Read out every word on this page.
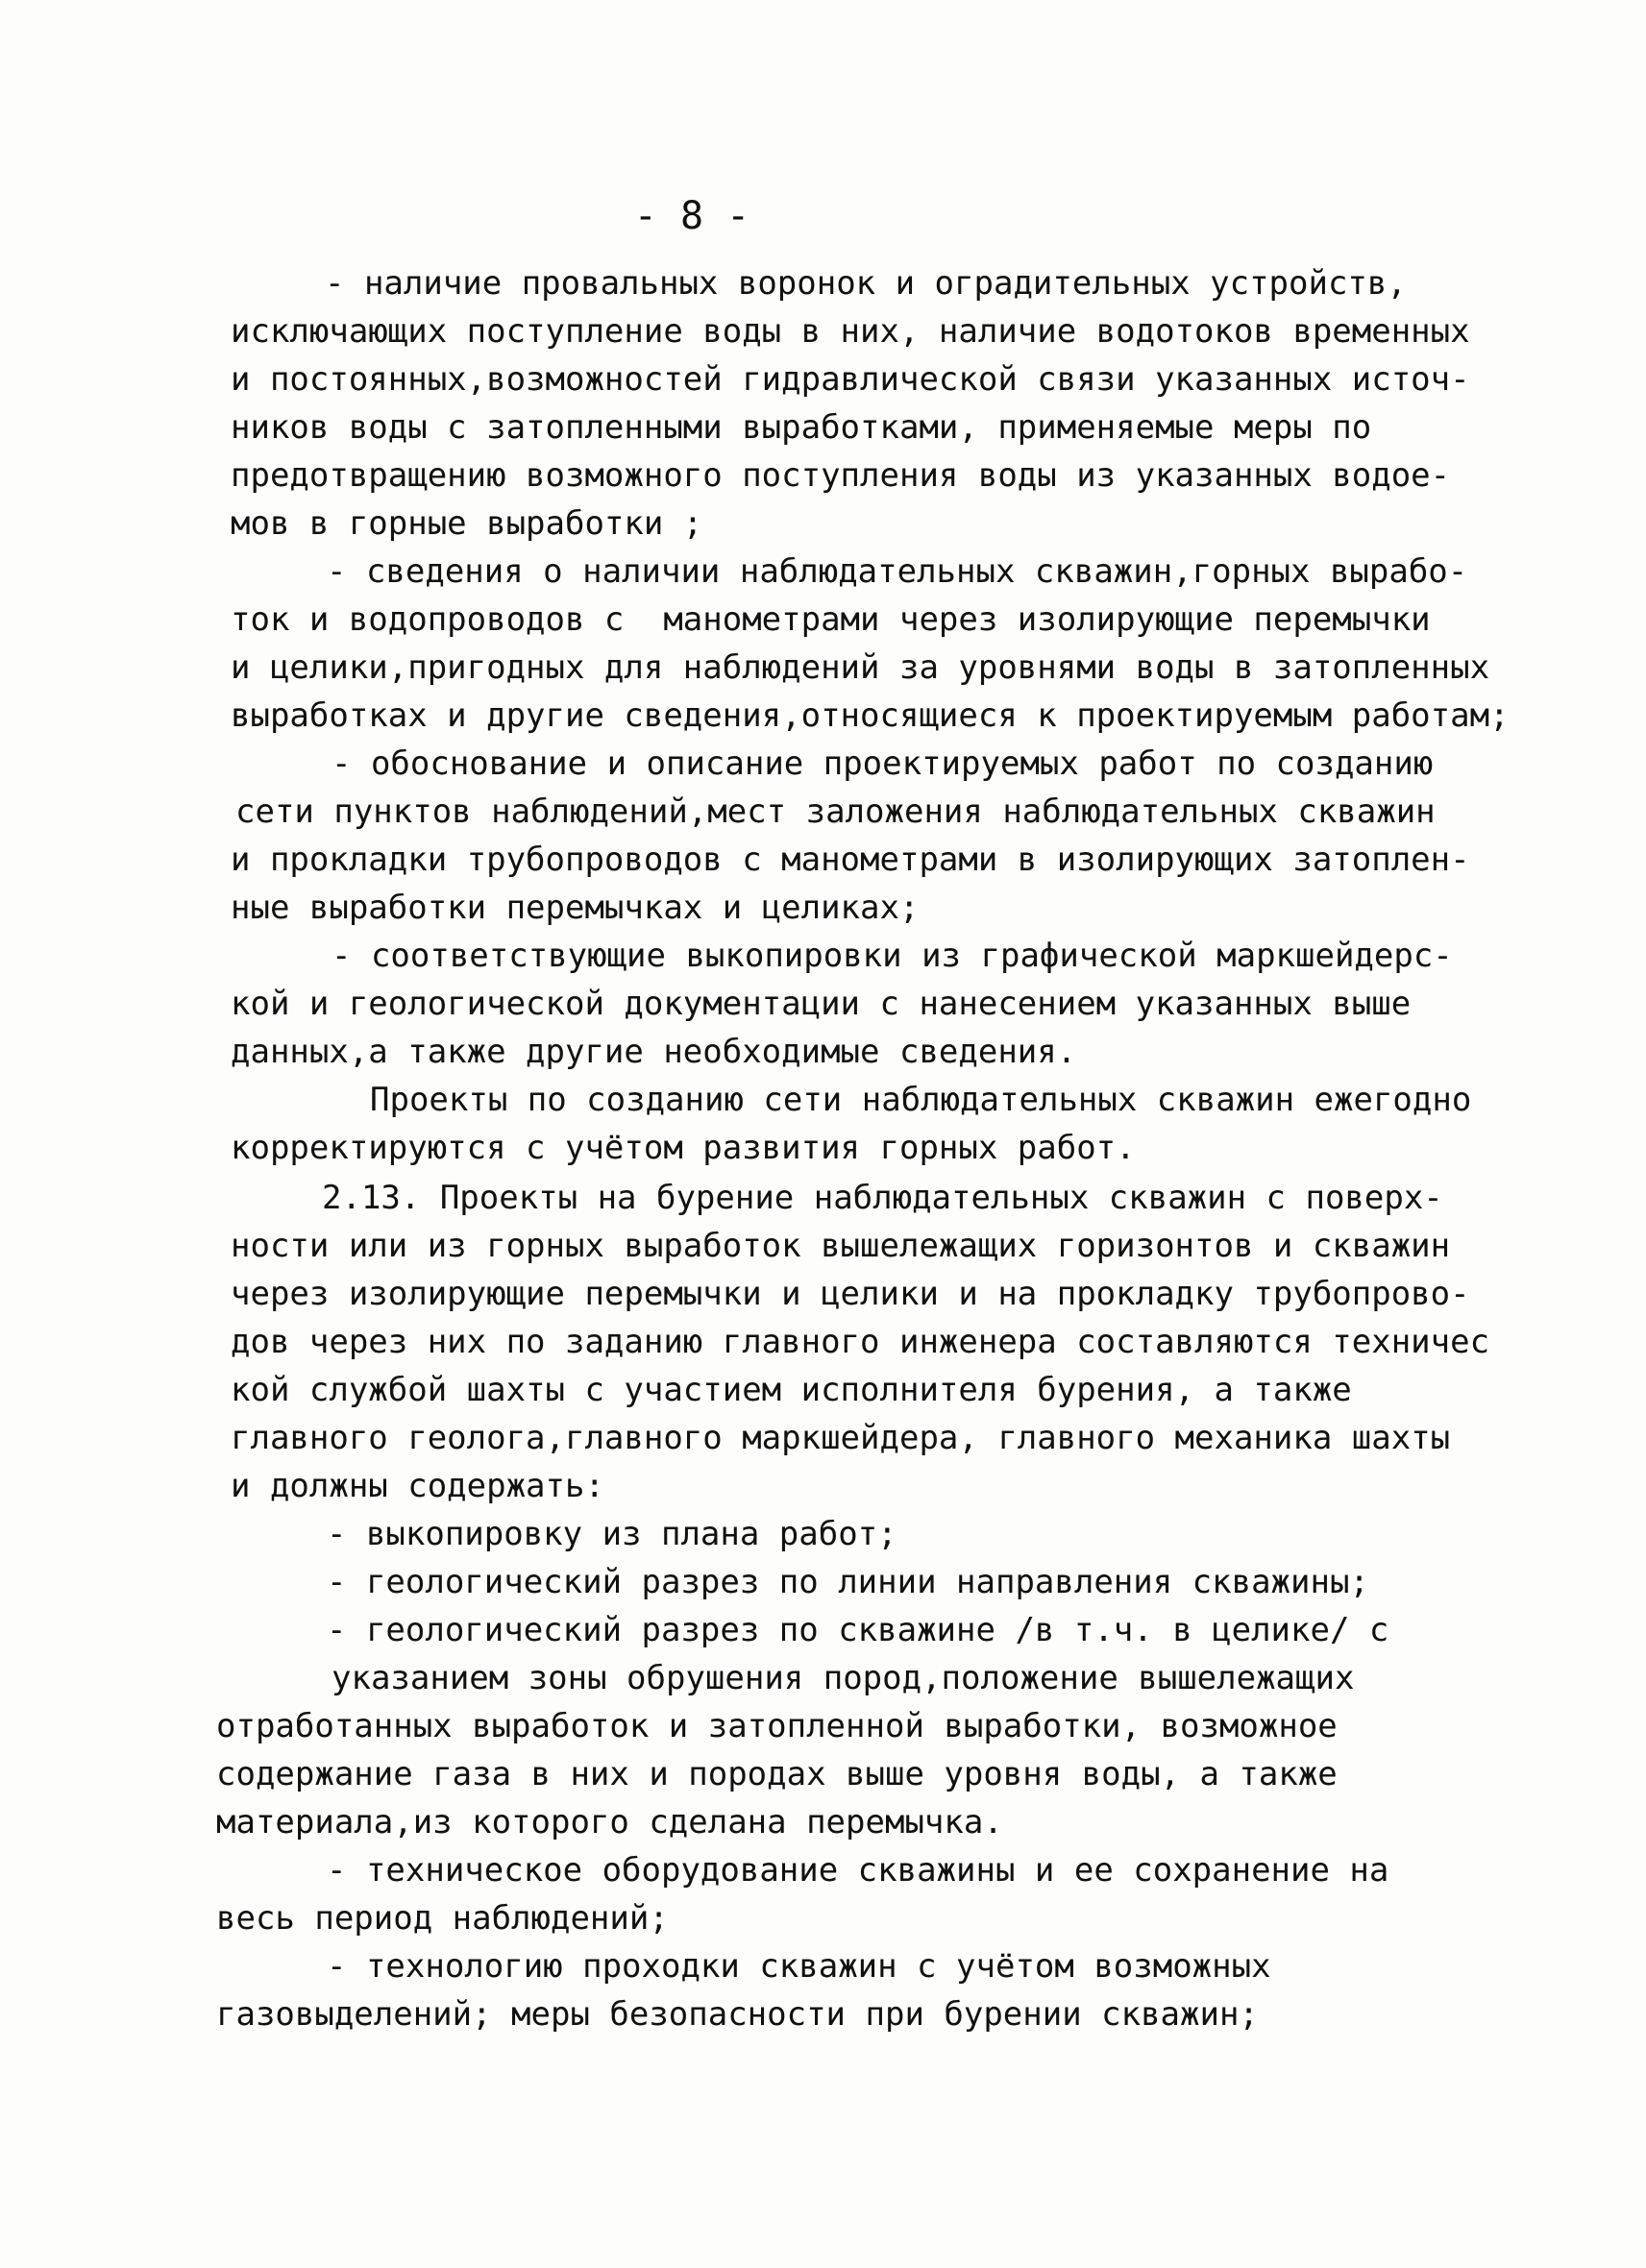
- 8 -
- наличие провальных воронок и оградительных устройств,
исключающих поступление воды в них, наличие водотоков временных
и постоянных,возможностей гидравлической связи указанных источ-
ников воды с затопленными выработками, применяемые меры по
предотвращению возможного поступления воды из указанных водое-
мов в горные выработки ;
- сведения о наличии наблюдательных скважин,горных вырабо-
ток и водопроводов с  манометрами через изолирующие перемычки
и целики,пригодных для наблюдений за уровнями воды в затопленных
выработках и другие сведения,относящиеся к проектируемым работам;
- обоснование и описание проектируемых работ по созданию
сети пунктов наблюдений,мест заложения наблюдательных скважин
и прокладки трубопроводов с манометрами в изолирующих затоплен-
ные выработки перемычках и целиках;
- соответствующие выкопировки из графической маркшейдерс-
кой и геологической документации с нанесением указанных выше
данных,а также другие необходимые сведения.
Проекты по созданию сети наблюдательных скважин ежегодно
корректируются с учётом развития горных работ.
2.13. Проекты на бурение наблюдательных скважин с поверх-
ности или из горных выработок вышележащих горизонтов и скважин
через изолирующие перемычки и целики и на прокладку трубопрово-
дов через них по заданию главного инженера составляются техничес
кой службой шахты с участием исполнителя бурения, а также
главного геолога,главного маркшейдера, главного механика шахты
и должны содержать:
- выкопировку из плана работ;
- геологический разрез по линии направления скважины;
- геологический разрез по скважине /в т.ч. в целике/ с
указанием зоны обрушения пород,положение вышележащих
отработанных выработок и затопленной выработки, возможное
содержание газа в них и породах выше уровня воды, а также
материала,из которого сделана перемычка.
- техническое оборудование скважины и ее сохранение на
весь период наблюдений;
- технологию проходки скважин с учётом возможных
газовыделений; меры безопасности при бурении скважин;
